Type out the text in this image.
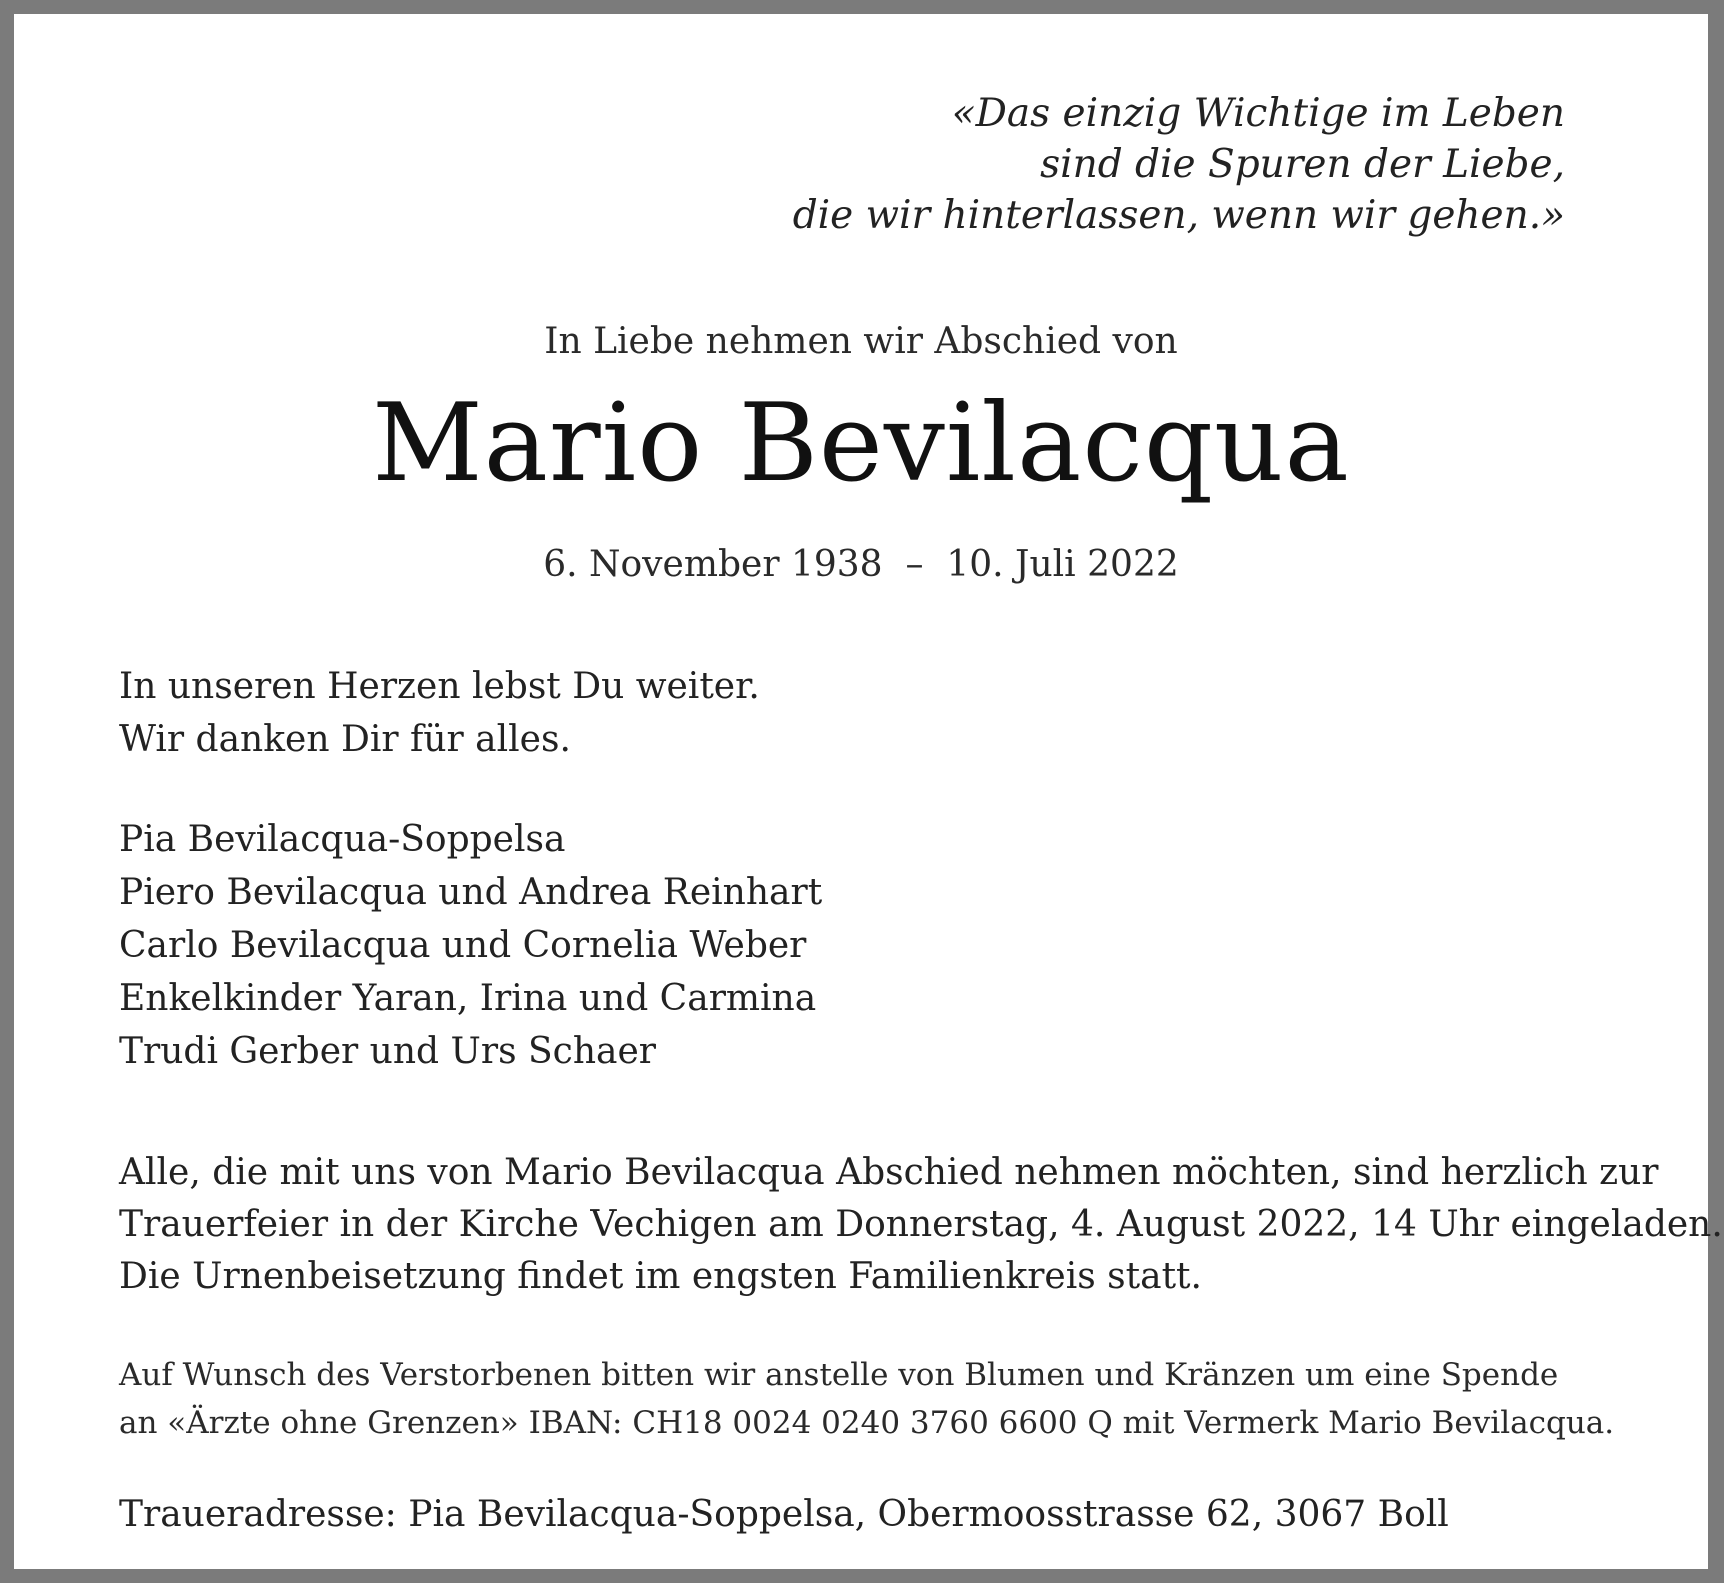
«Das einzig Wichtige im Leben
sind die Spuren der Liebe,
die wir hinterlassen, wenn wir gehen.»
In Liebe nehmen wir Abschied von
Mario Bevilacqua
6. November 1938  –  10. Juli 2022
In unseren Herzen lebst Du weiter.
Wir danken Dir für alles.
Pia Bevilacqua-Soppelsa
Piero Bevilacqua und Andrea Reinhart
Carlo Bevilacqua und Cornelia Weber
Enkelkinder Yaran, Irina und Carmina
Trudi Gerber und Urs Schaer
Alle, die mit uns von Mario Bevilacqua Abschied nehmen möchten, sind herzlich zur
Trauerfeier in der Kirche Vechigen am Donnerstag, 4. August 2022, 14 Uhr eingeladen.
Die Urnenbeisetzung findet im engsten Familienkreis statt.
Auf Wunsch des Verstorbenen bitten wir anstelle von Blumen und Kränzen um eine Spende
an «Ärzte ohne Grenzen» IBAN: CH18 0024 0240 3760 6600 Q mit Vermerk Mario Bevilacqua.
Traueradresse: Pia Bevilacqua-Soppelsa, Obermoosstrasse 62, 3067 Boll
